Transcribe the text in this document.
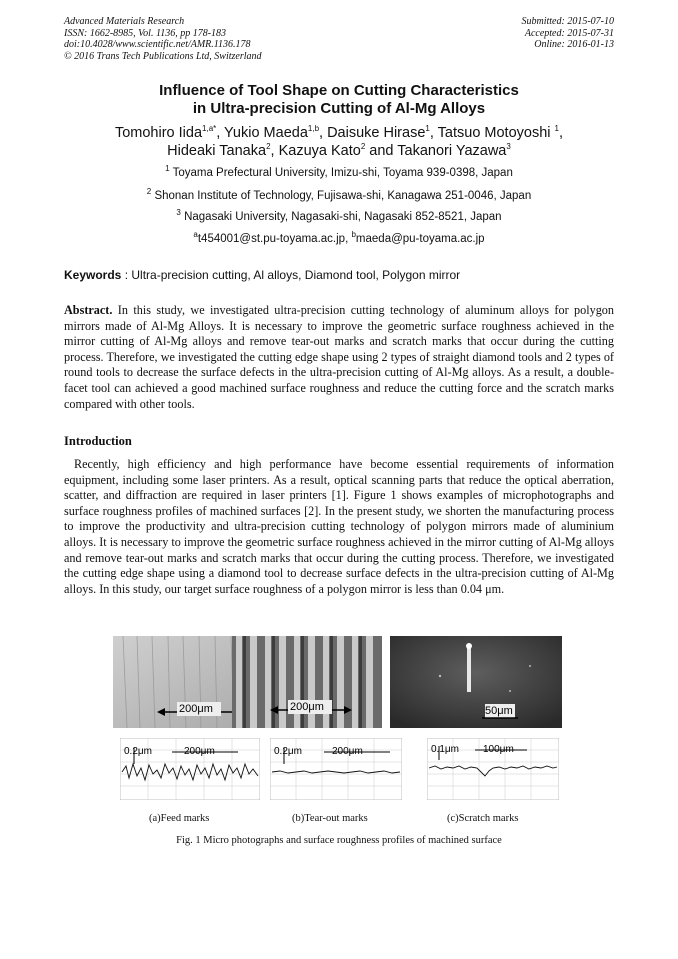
Advanced Materials Research
ISSN: 1662-8985, Vol. 1136, pp 178-183
doi:10.4028/www.scientific.net/AMR.1136.178
© 2016 Trans Tech Publications Ltd, Switzerland
Submitted: 2015-07-10
Accepted: 2015-07-31
Online: 2016-01-13
Influence of Tool Shape on Cutting Characteristics
in Ultra-precision Cutting of Al-Mg Alloys
Tomohiro Iida$^{1,a*}$, Yukio Maeda$^{1,b}$, Daisuke Hirase$^1$, Tatsuo Motoyoshi $^1$,
Hideaki Tanaka$^2$, Kazuya Kato$^2$ and Takanori Yazawa$^3$
$^1$ Toyama Prefectural University, Imizu-shi, Toyama 939-0398, Japan
$^2$ Shonan Institute of Technology, Fujisawa-shi, Kanagawa 251-0046, Japan
$^3$ Nagasaki University, Nagasaki-shi, Nagasaki 852-8521, Japan
$^a$t454001@st.pu-toyama.ac.jp, $^b$maeda@pu-toyama.ac.jp
Keywords : Ultra-precision cutting, Al alloys, Diamond tool, Polygon mirror
Abstract. In this study, we investigated ultra-precision cutting technology of aluminum alloys for polygon mirrors made of Al-Mg Alloys. It is necessary to improve the geometric surface roughness achieved in the mirror cutting of Al-Mg alloys and remove tear-out marks and scratch marks that occur during the cutting process. Therefore, we investigated the cutting edge shape using 2 types of straight diamond tools and 2 types of round tools to decrease the surface defects in the ultra-precision cutting of Al-Mg alloys. As a result, a double-facet tool can achieved a good machined surface roughness and reduce the cutting force and the scratch marks compared with other tools.
Introduction
Recently, high efficiency and high performance have become essential requirements of information equipment, including some laser printers. As a result, optical scanning parts that reduce the optical aberration, scatter, and diffraction are required in laser printers [1]. Figure 1 shows examples of microphotographs and surface roughness profiles of machined surfaces [2]. In the present study, we shorten the manufacturing process to improve the productivity and ultra-precision cutting technology of polygon mirrors made of aluminium alloys. It is necessary to improve the geometric surface roughness achieved in the mirror cutting of Al-Mg alloys and remove tear-out marks and scratch marks that occur during the cutting process. Therefore, we investigated the cutting edge shape using a diamond tool to decrease surface defects in the ultra-precision cutting of Al-Mg alloys. In this study, our target surface roughness of a polygon mirror is less than 0.04 μm.
200μm	200μm	50μm
0.2μm	200μm	0.2μm	200μm	0.1μm 100μm
(a)Feed marks	(b)Tear-out marks	(c)Scratch marks
Fig. 1 Micro photographs and surface roughness profiles of machined surface
